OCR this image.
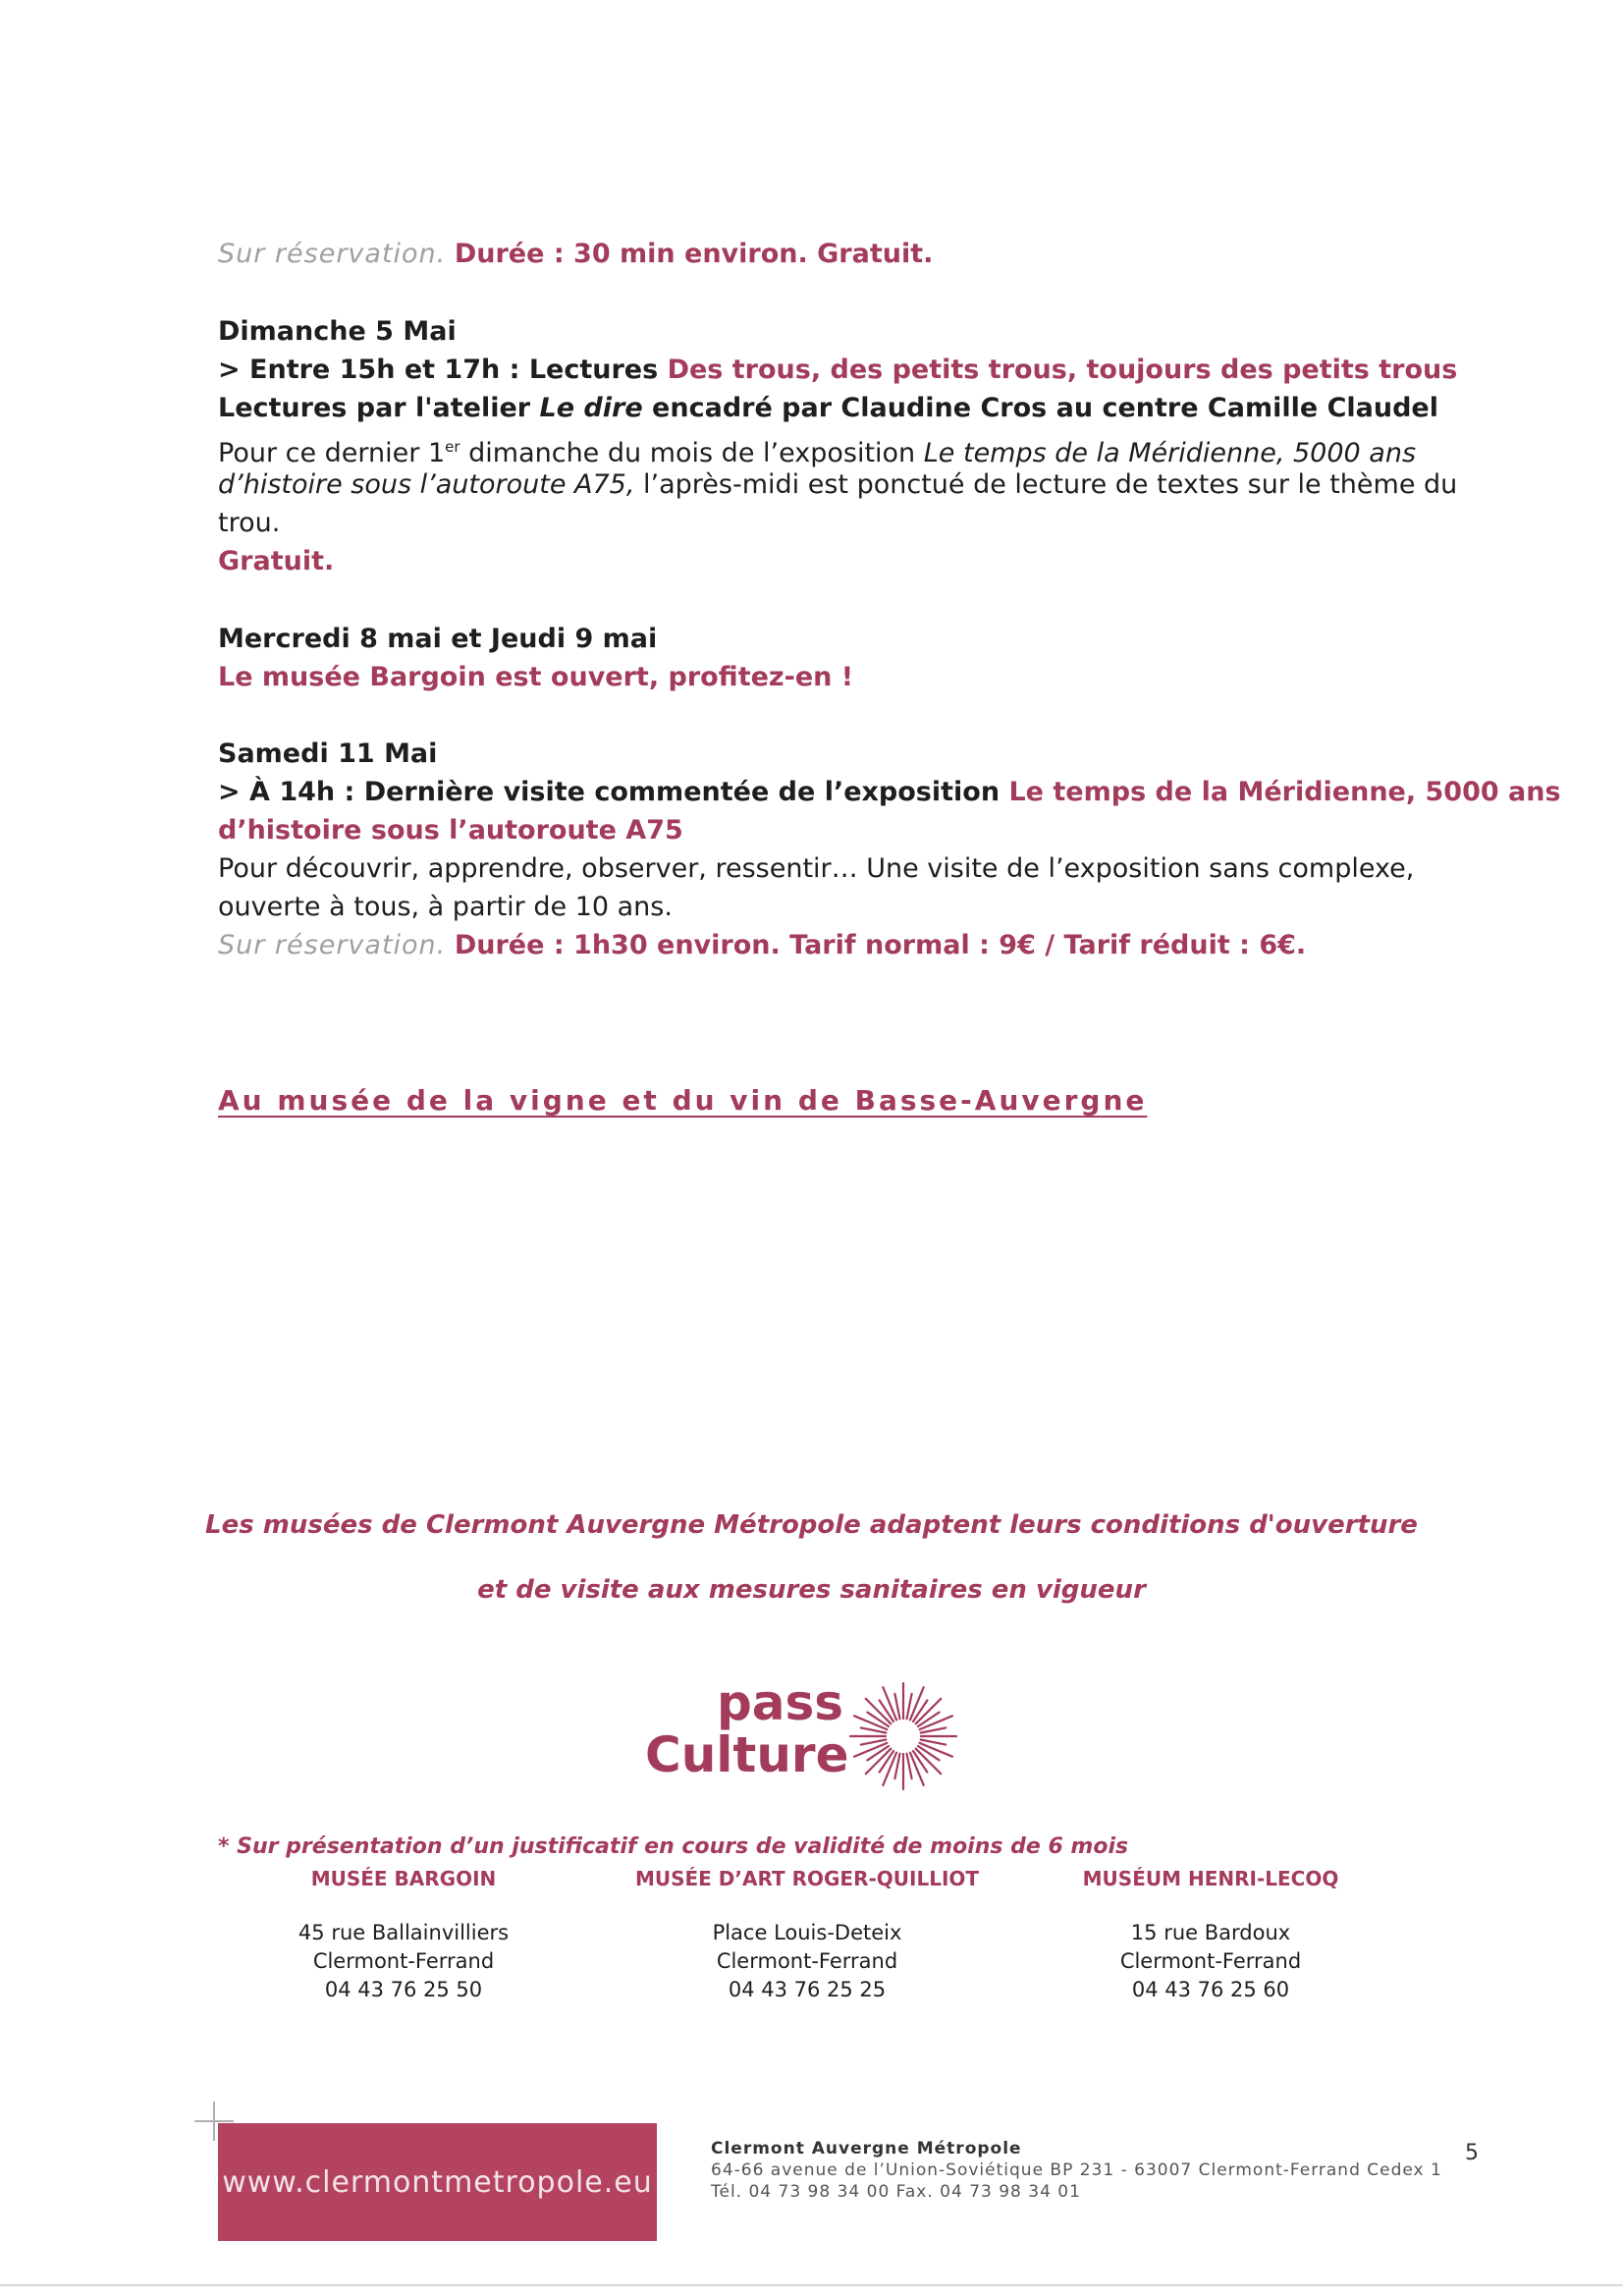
Sur réservation. Durée : 30 min environ. Gratuit.
Dimanche 5 Mai
> Entre 15h et 17h : Lectures Des trous, des petits trous, toujours des petits trous
Lectures par l'atelier Le dire encadré par Claudine Cros au centre Camille Claudel
Pour ce dernier 1er dimanche du mois de l’exposition Le temps de la Méridienne, 5000 ans
d’histoire sous l’autoroute A75, l’après-midi est ponctué de lecture de textes sur le thème du
trou.
Gratuit.
Mercredi 8 mai et Jeudi 9 mai
Le musée Bargoin est ouvert, profitez-en !
Samedi 11 Mai
> À 14h : Dernière visite commentée de l’exposition Le temps de la Méridienne, 5000 ans
d’histoire sous l’autoroute A75
Pour découvrir, apprendre, observer, ressentir… Une visite de l’exposition sans complexe,
ouverte à tous, à partir de 10 ans.
Sur réservation. Durée : 1h30 environ. Tarif normal : 9€ / Tarif réduit : 6€.
Au musée de la vigne et du vin de Basse-Auvergne
Les musées de Clermont Auvergne Métropole adaptent leurs conditions d'ouverture
et de visite aux mesures sanitaires en vigueur
pass
Culture
* Sur présentation d’un justificatif en cours de validité de moins de 6 mois
MUSÉE BARGOIN
45 rue Ballainvilliers
Clermont-Ferrand
04 43 76 25 50
MUSÉE D’ART ROGER-QUILLIOT
Place Louis-Deteix
Clermont-Ferrand
04 43 76 25 25
MUSÉUM HENRI-LECOQ
15 rue Bardoux
Clermont-Ferrand
04 43 76 25 60
www.clermontmetropole.eu
Clermont Auvergne Métropole
64-66 avenue de l’Union-Soviétique BP 231 - 63007 Clermont-Ferrand Cedex 1
Tél. 04 73 98 34 00 Fax. 04 73 98 34 01
5
